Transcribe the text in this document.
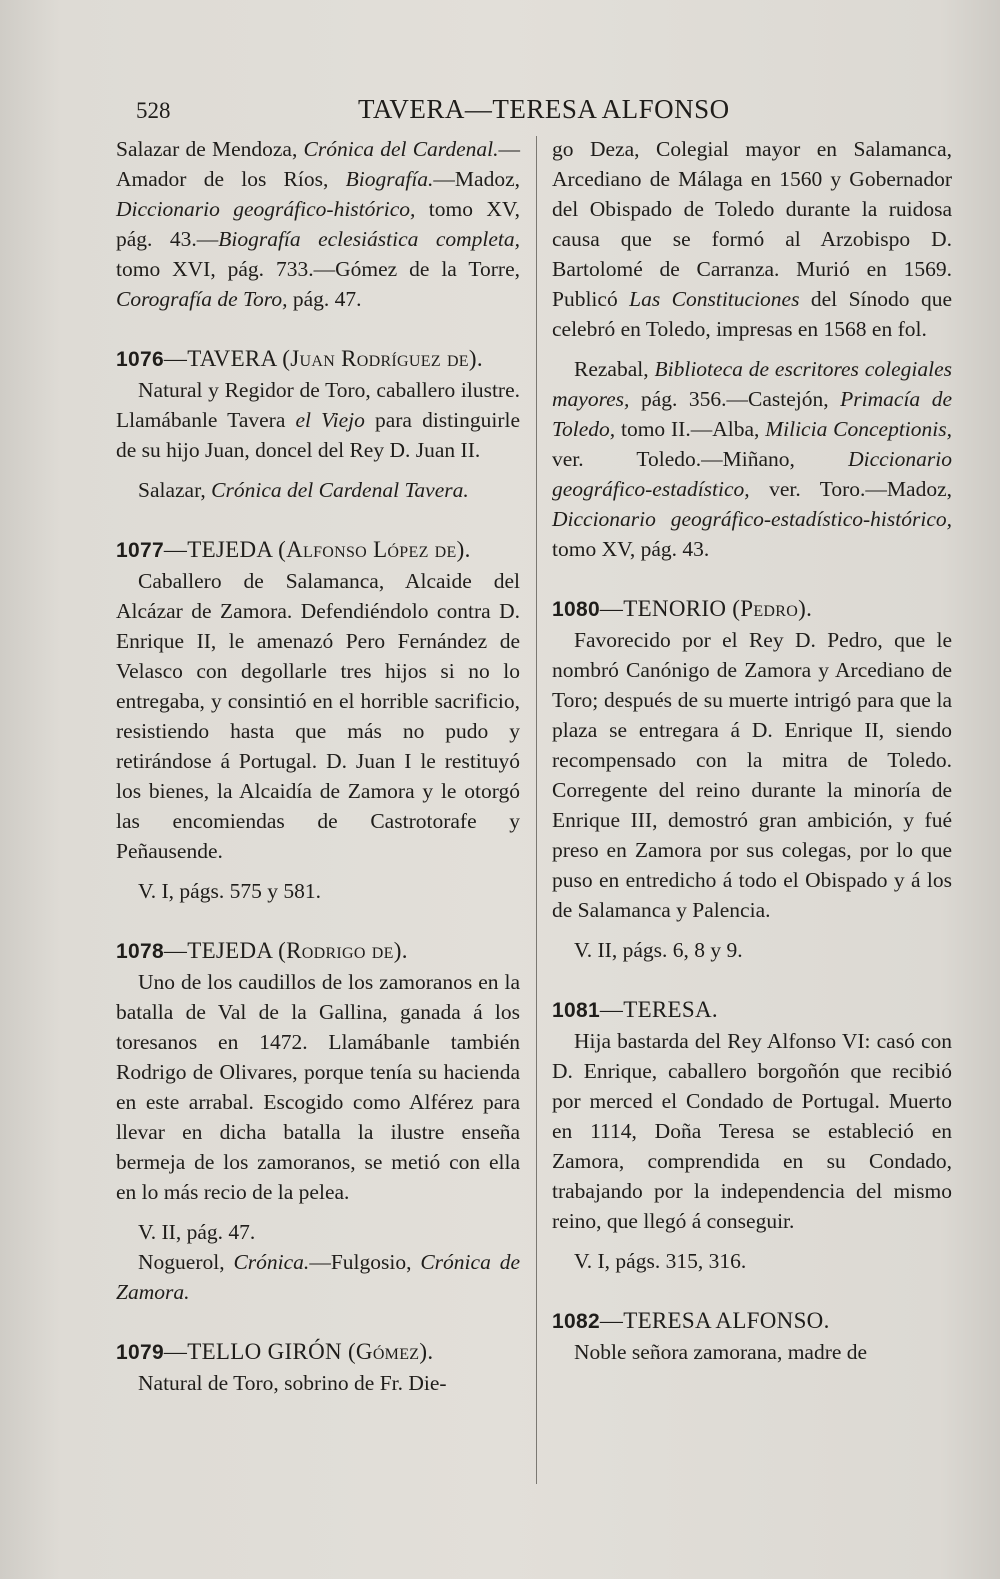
528	TAVERA—TERESA ALFONSO

Salazar de Mendoza, Crónica del Cardenal.— Amador de los Ríos, Biografía.—Madoz, Diccionario geográfico-histórico, tomo XV, pág. 43.—Biografía eclesiástica completa, tomo XVI, pág. 733.—Gómez de la Torre, Corografía de Toro, pág. 47.

1076—TAVERA (Juan Rodríguez de).

Natural y Regidor de Toro, caballero ilustre. Llamábanle Tavera el Viejo para distinguirle de su hijo Juan, doncel del Rey D. Juan II.

Salazar, Crónica del Cardenal Tavera.

1077—TEJEDA (Alfonso López de).

Caballero de Salamanca, Alcaide del Alcázar de Zamora. Defendiéndolo contra D. Enrique II, le amenazó Pero Fernández de Velasco con degollarle tres hijos si no lo entregaba, y consintió en el horrible sacrificio, resistiendo hasta que más no pudo y retirándose á Portugal. D. Juan I le restituyó los bienes, la Alcaidía de Zamora y le otorgó las encomiendas de Castrotorafe y Peñausende.

V. I, págs. 575 y 581.

1078—TEJEDA (Rodrigo de).

Uno de los caudillos de los zamoranos en la batalla de Val de la Gallina, ganada á los toresanos en 1472. Llamábanle también Rodrigo de Olivares, porque tenía su hacienda en este arrabal. Escogido como Alférez para llevar en dicha batalla la ilustre enseña bermeja de los zamoranos, se metió con ella en lo más recio de la pelea.

V. II, pág. 47.

Noguerol, Crónica.—Fulgosio, Crónica de Zamora.

1079—TELLO GIRÓN (Gómez).

Natural de Toro, sobrino de Fr. Die-

go Deza, Colegial mayor en Salamanca, Arcediano de Málaga en 1560 y Gobernador del Obispado de Toledo durante la ruidosa causa que se formó al Arzobispo D. Bartolomé de Carranza. Murió en 1569. Publicó Las Constituciones del Sínodo que celebró en Toledo, impresas en 1568 en fol.

Rezabal, Biblioteca de escritores colegiales mayores, pág. 356.—Castejón, Primacía de Toledo, tomo II.—Alba, Milicia Conceptionis, ver. Toledo.—Miñano, Diccionario geográfico-estadístico, ver. Toro.—Madoz, Diccionario geográfico-estadístico-histórico, tomo XV, pág. 43.

1080—TENORIO (Pedro).

Favorecido por el Rey D. Pedro, que le nombró Canónigo de Zamora y Arcediano de Toro; después de su muerte intrigó para que la plaza se entregara á D. Enrique II, siendo recompensado con la mitra de Toledo. Corregente del reino durante la minoría de Enrique III, demostró gran ambición, y fué preso en Zamora por sus colegas, por lo que puso en entredicho á todo el Obispado y á los de Salamanca y Palencia.

V. II, págs. 6, 8 y 9.

1081—TERESA.

Hija bastarda del Rey Alfonso VI: casó con D. Enrique, caballero borgoñón que recibió por merced el Condado de Portugal. Muerto en 1114, Doña Teresa se estableció en Zamora, comprendida en su Condado, trabajando por la independencia del mismo reino, que llegó á conseguir.

V. I, págs. 315, 316.

1082—TERESA ALFONSO.

Noble señora zamorana, madre de
